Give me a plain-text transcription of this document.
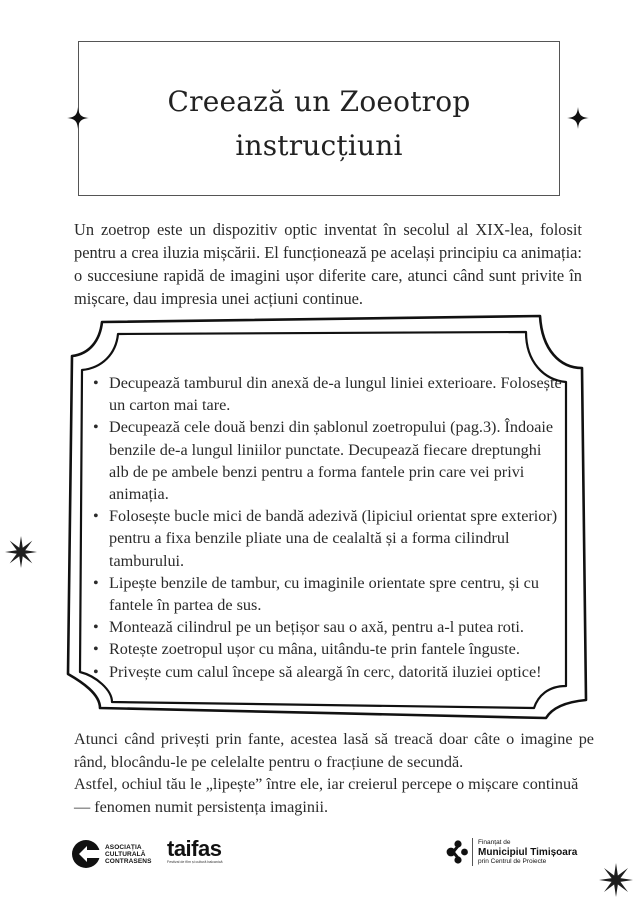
Creează un Zoeotrop
instrucțiuni
Un zoetrop este un dispozitiv optic inventat în secolul al XIX-lea, folosit pentru a crea iluzia mișcării. El funcționează pe același principiu ca animația: o succesiune rapidă de imagini ușor diferite care, atunci când sunt privite în mișcare, dau impresia unei acțiuni continue.
• Decupează tamburul din anexă de-a lungul liniei exterioare. Folosește un carton mai tare.
• Decupează cele două benzi din șablonul zoetropului (pag.3). Îndoaie benzile de-a lungul liniilor punctate. Decupează fiecare dreptunghi alb de pe ambele benzi pentru a forma fantele prin care vei privi animația.
• Folosește bucle mici de bandă adezivă (lipiciul orientat spre exterior) pentru a fixa benzile pliate una de cealaltă și a forma cilindrul tamburului.
• Lipește benzile de tambur, cu imaginile orientate spre centru, și cu fantele în partea de sus.
• Montează cilindrul pe un bețișor sau o axă, pentru a-l putea roti.
• Rotește zoetropul ușor cu mâna, uitându-te prin fantele înguste.
• Privește cum calul începe să aleargă în cerc, datorită iluziei optice!

Atunci când privești prin fante, acestea lasă să treacă doar câte o imagine pe rând, blocându-le pe celelalte pentru o fracțiune de secundă.

Astfel, ochiul tău le „lipește” între ele, iar creierul percepe o mișcare continuă — fenomen numit persistența imaginii.

ASOCIAȚIA
CULTURALĂ
CONTRASENS taifas
Festival de film și cultură balcanică
Finanțat de
Municipiul Timișoara
prin Centrul de Proiecte
